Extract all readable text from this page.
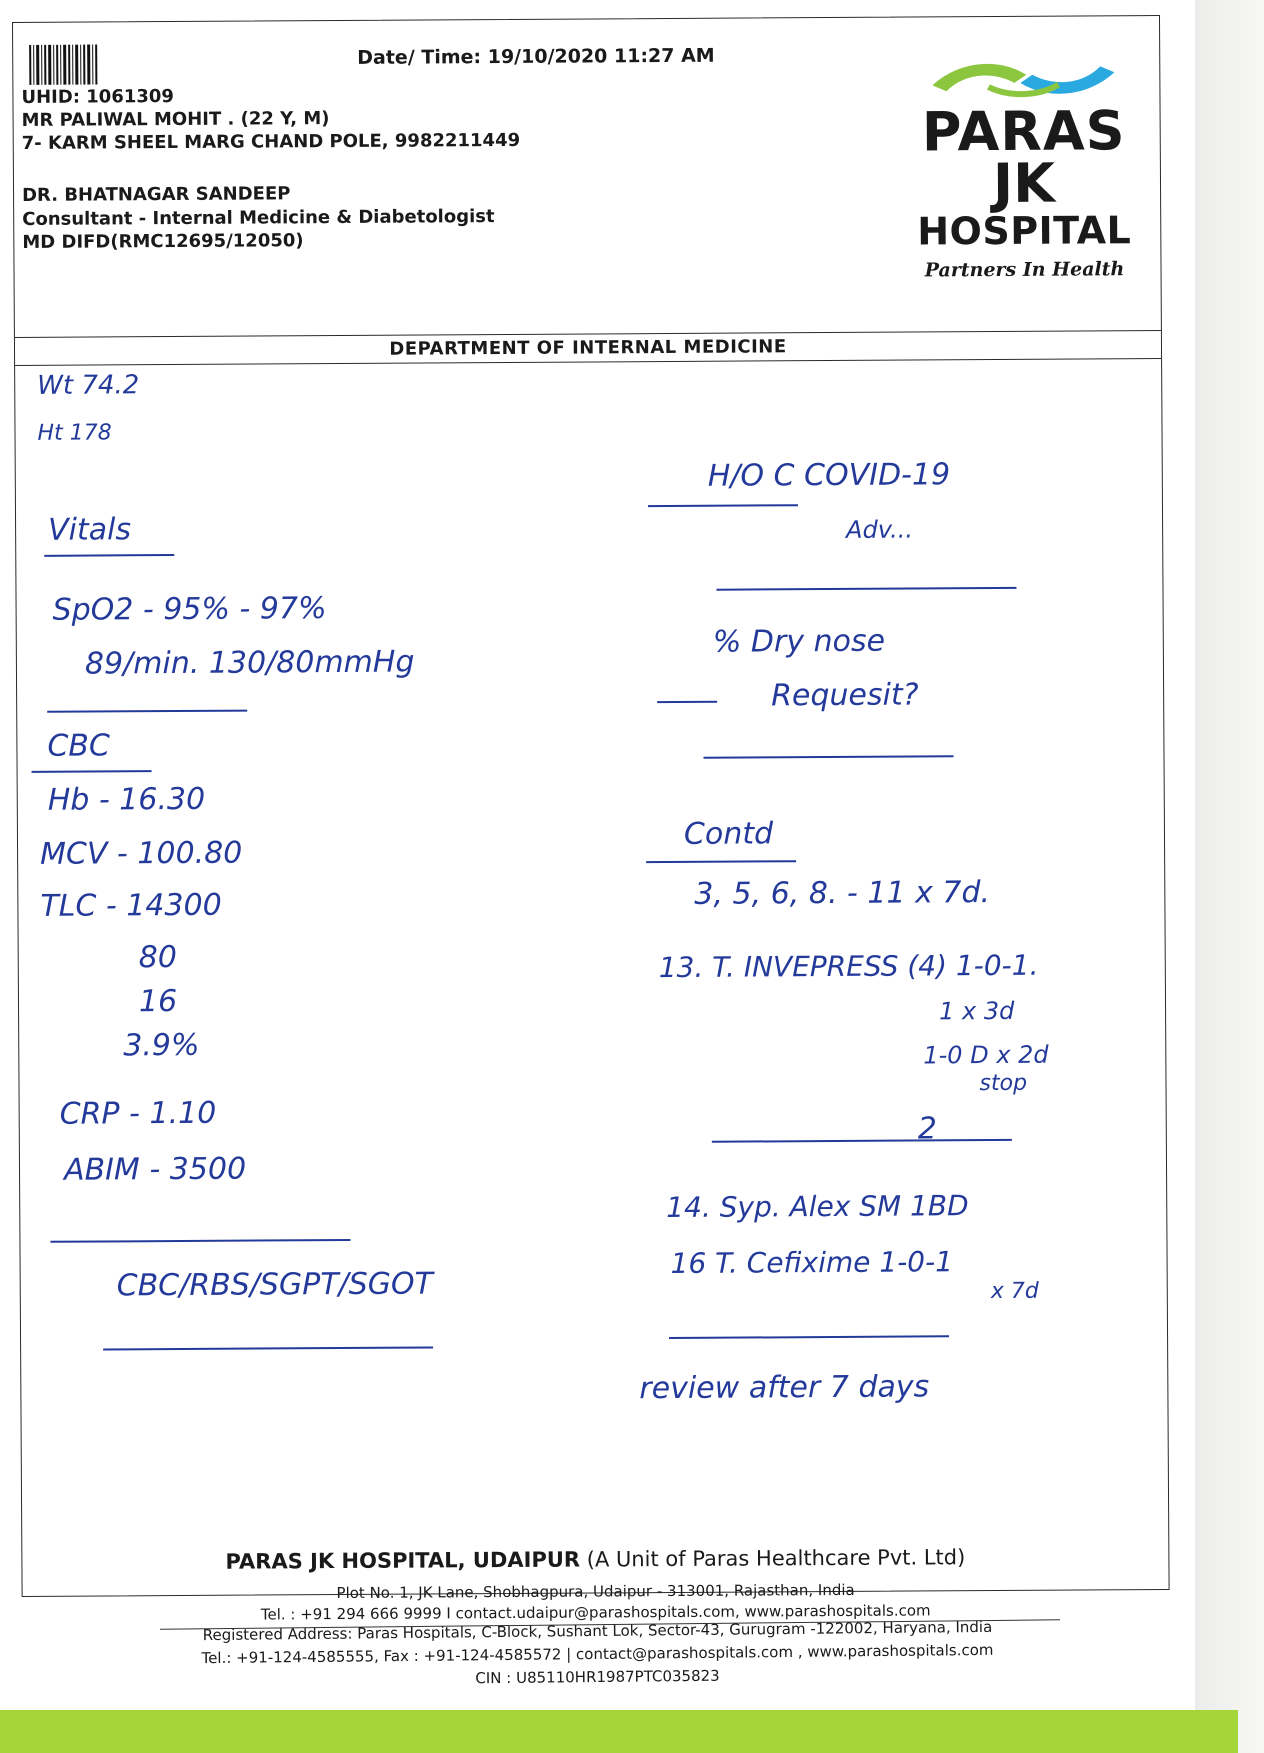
Date/ Time: 19/10/2020 11:27 AM
UHID: 1061309
MR PALIWAL MOHIT . (22 Y, M)
7- KARM SHEEL MARG CHAND POLE, 9982211449
DR. BHATNAGAR SANDEEP
Consultant - Internal Medicine & Diabetologist
MD DIFD(RMC12695/12050)
PARAS
JK
HOSPITAL
Partners In Health
DEPARTMENT OF INTERNAL MEDICINE
Wt 74.2
Ht 178
Vitals
SpO2 - 95% - 97%
89/min. 130/80mmHg
CBC
Hb - 16.30
MCV - 100.80
TLC - 14300
80
16
3.9%
CRP - 1.10
ABIM - 3500
CBC/RBS/SGPT/SGOT
H/O C COVID-19
Adv...
% Dry nose
Requesit?
Contd
3, 5, 6, 8. - 11 x 7d.
13. T. INVEPRESS (4) 1-0-1.
1 x 3d
1-0 D x 2d
stop
2
14. Syp. Alex SM 1BD
16 T. Cefixime 1-0-1
x 7d
review after 7 days
PARAS JK HOSPITAL, UDAIPUR (A Unit of Paras Healthcare Pvt. Ltd)
Plot No. 1, JK Lane, Shobhagpura, Udaipur - 313001, Rajasthan, India
Tel. : +91 294 666 9999 I contact.udaipur@parashospitals.com, www.parashospitals.com
Registered Address: Paras Hospitals, C-Block, Sushant Lok, Sector-43, Gurugram -122002, Haryana, India
Tel.: +91-124-4585555, Fax : +91-124-4585572 | contact@parashospitals.com , www.parashospitals.com
CIN : U85110HR1987PTC035823
